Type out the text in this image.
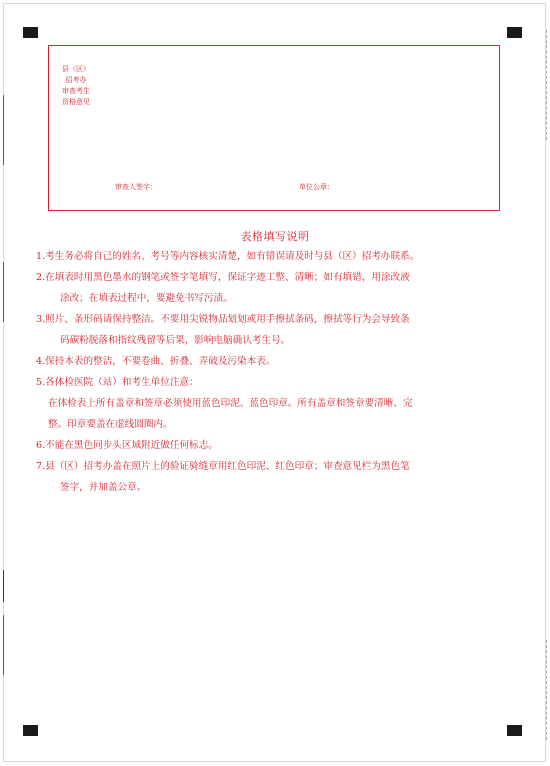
县（区）
招考办
审查考生
资格意见
审查人签字：	单位公章：
表格填写说明
1.考生务必将自己的姓名、考号等内容核实清楚，如有错误请及时与县（区）招考办联系。
2.在填表时用黑色墨水的钢笔或签字笔填写，保证字迹工整、清晰；如有填错，用涂改液
涂改；在填表过程中，要避免书写污渍。
3.照片、条形码请保持整洁。不要用尖锐物品划划或用手擦拭条码，擦拭等行为会导致条
码碳粉脱落和指纹残留等后果，影响电脑确认考生号。
4.保持本表的整洁，不要卷曲、折叠、弄破及污染本表。
5.各体检医院（站）和考生单位注意：
在体检表上所有盖章和签章必须使用蓝色印泥、蓝色印章。所有盖章和签章要清晰、完
整。印章要盖在虚线圆圈内。
6.不能在黑色同步头区域附近做任何标志。
7.县（区）招考办盖在照片上的验证骑缝章用红色印泥、红色印章；审查意见栏为黑色笔
签字，并加盖公章。
